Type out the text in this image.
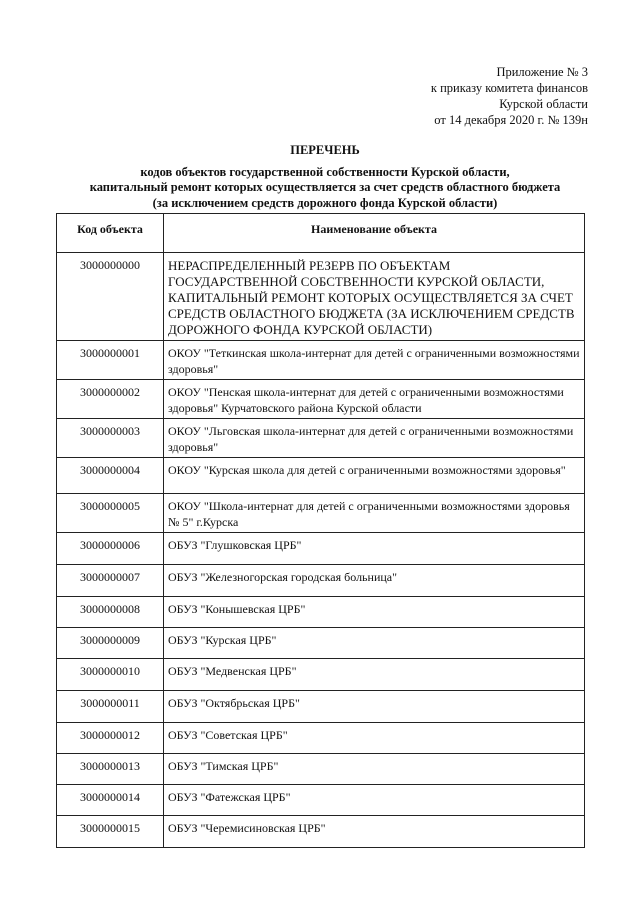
Приложение № 3
к приказу комитета финансов
Курской области
от 14 декабря 2020 г. № 139н
ПЕРЕЧЕНЬ
кодов объектов государственной собственности Курской области,
капитальный ремонт которых осуществляется за счет средств областного бюджета
(за исключением средств дорожного фонда Курской области)
Код объекта	Наименование объекта
3000000000	НЕРАСПРЕДЕЛЕННЫЙ РЕЗЕРВ ПО ОБЪЕКТАМ ГОСУДАРСТВЕННОЙ СОБСТВЕННОСТИ КУРСКОЙ ОБЛАСТИ, КАПИТАЛЬНЫЙ РЕМОНТ КОТОРЫХ ОСУЩЕСТВЛЯЕТСЯ ЗА СЧЕТ СРЕДСТВ ОБЛАСТНОГО БЮДЖЕТА (ЗА ИСКЛЮЧЕНИЕМ СРЕДСТВ ДОРОЖНОГО ФОНДА КУРСКОЙ ОБЛАСТИ)
3000000001	ОКОУ "Теткинская школа-интернат для детей с ограниченными возможностями здоровья"
3000000002	ОКОУ "Пенская школа-интернат для детей с ограниченными возможностями здоровья" Курчатовского района Курской области
3000000003	ОКОУ "Льговская школа-интернат для детей с ограниченными возможностями здоровья"
3000000004	ОКОУ "Курская школа для детей с ограниченными возможностями здоровья"
3000000005	ОКОУ "Школа-интернат для детей с ограниченными возможностями здоровья № 5" г.Курска
3000000006	ОБУЗ "Глушковская ЦРБ"
3000000007	ОБУЗ "Железногорская городская больница"
3000000008	ОБУЗ "Конышевская ЦРБ"
3000000009	ОБУЗ "Курская ЦРБ"
3000000010	ОБУЗ "Медвенская ЦРБ"
3000000011	ОБУЗ "Октябрьская ЦРБ"
3000000012	ОБУЗ "Советская ЦРБ"
3000000013	ОБУЗ "Тимская ЦРБ"
3000000014	ОБУЗ "Фатежская ЦРБ"
3000000015	ОБУЗ "Черемисиновская ЦРБ"
